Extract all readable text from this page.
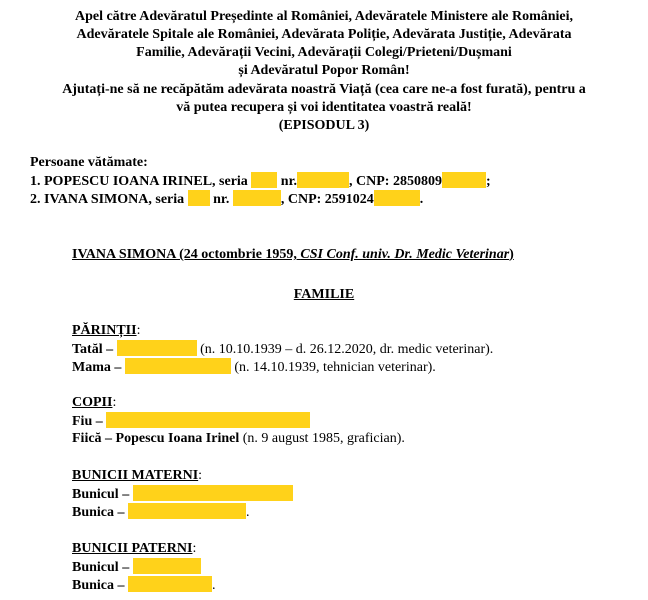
Apel către Adevăratul Președinte al României, Adevăratele Ministere ale României,
Adevăratele Spitale ale României, Adevărata Poliție, Adevărata Justiție, Adevărata
Familie, Adevărații Vecini, Adevărații Colegi/Prieteni/Dușmani
și Adevăratul Popor Român!
Ajutați-ne să ne recăpătăm adevărata noastră Viață (cea care ne-a fost furată), pentru a
vă putea recupera și voi identitatea voastră reală!
(EPISODUL 3)
Persoane vătămate:
1. POPESCU IOANA IRINEL, seria  nr.	, CNP: 2850809	;
2. IVANA SIMONA, seria  nr.	, CNP: 2591024	.
IVANA SIMONA (24 octombrie 1959, CSI Conf. univ. Dr. Medic Veterinar)
FAMILIE
PĂRINȚII:
Tatăl –	(n. 10.10.1939 – d. 26.12.2020, dr. medic veterinar).
Mama –	(n. 14.10.1939, tehnician veterinar).
COPII:
Fiu –
Fiică – Popescu Ioana Irinel (n. 9 august 1985, grafician).
BUNICII MATERNI:
Bunicul –
Bunica –	.
BUNICII PATERNI:
Bunicul –
Bunica –	.
